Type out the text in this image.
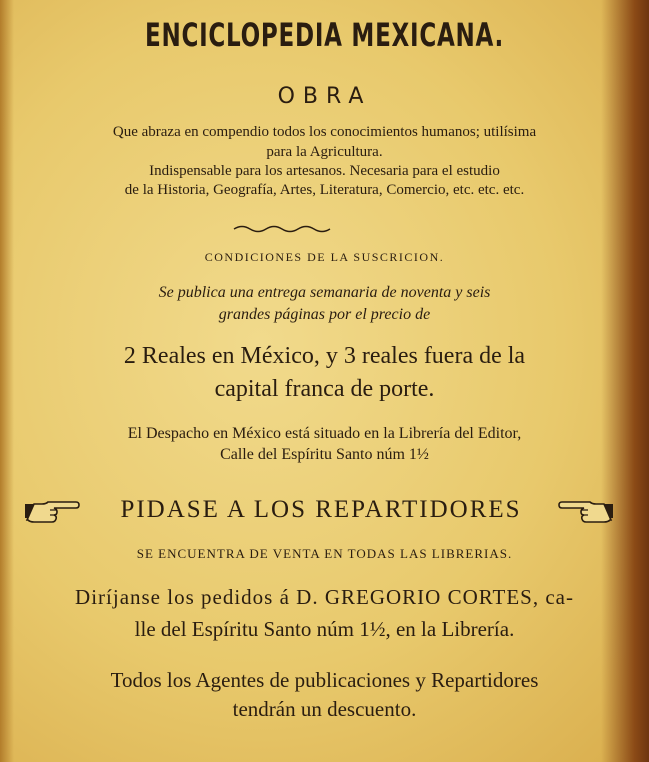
ENCICLOPEDIA MEXICANA.
OBRA
Que abraza en compendio todos los conocimientos humanos; utilísima
para la Agricultura.
Indispensable para los artesanos. Necesaria para el estudio
de la Historia, Geografía, Artes, Literatura, Comercio, etc. etc. etc.
CONDICIONES DE LA SUSCRICION.
Se publica una entrega semanaria de noventa y seis
grandes páginas por el precio de
2 Reales en México, y 3 reales fuera de la
capital franca de porte.
El Despacho en México está situado en la Librería del Editor,
Calle del Espíritu Santo núm 1½
PIDASE A LOS REPARTIDORES
SE ENCUENTRA DE VENTA EN TODAS LAS LIBRERIAS.
Diríjanse los pedidos á D. GREGORIO CORTES, ca-
lle del Espíritu Santo núm 1½, en la Librería.
Todos los Agentes de publicaciones y Repartidores
tendrán un descuento.
